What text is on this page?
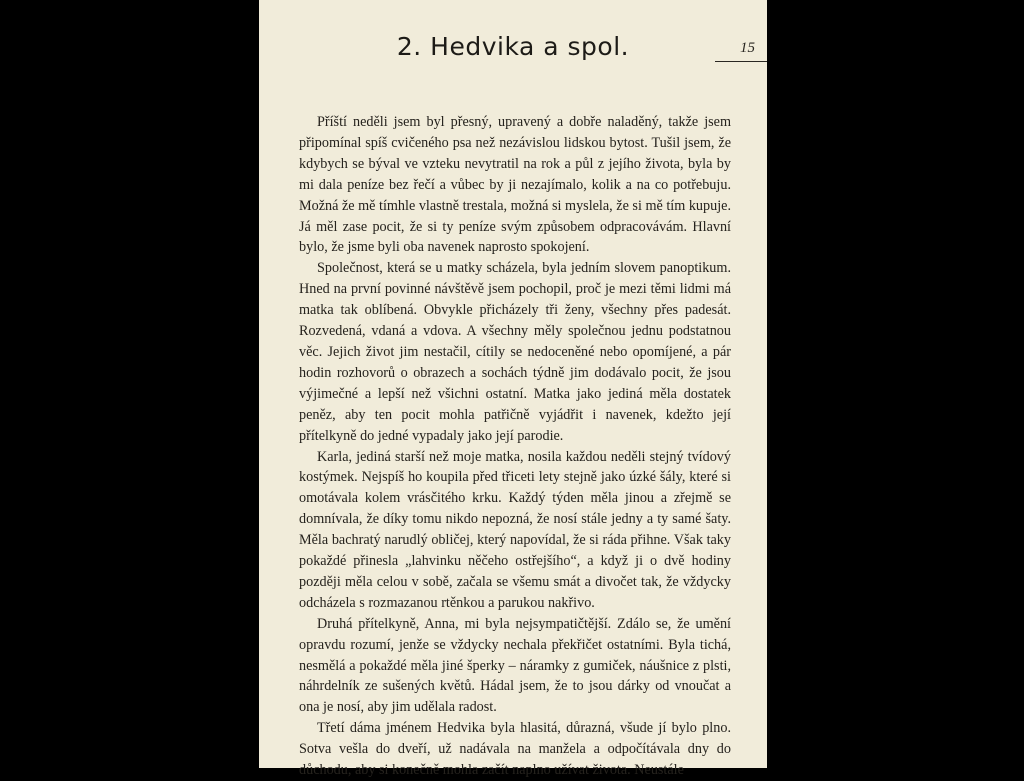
2. Hedvika a spol.	15

Příští neděli jsem byl přesný, upravený a dobře naladěný, takže jsem připomínal spíš cvičeného psa než nezávislou lidskou bytost. Tušil jsem, že kdybych se býval ve vzteku nevytratil na rok a půl z jejího života, byla by mi dala peníze bez řečí a vůbec by ji nezajímalo, kolik a na co potřebuju. Možná že mě tímhle vlastně trestala, možná si myslela, že si mě tím kupuje. Já měl zase pocit, že si ty peníze svým způsobem odpracovávám. Hlavní bylo, že jsme byli oba navenek naprosto spokojení.

Společnost, která se u matky scházela, byla jedním slovem panoptikum. Hned na první povinné návštěvě jsem pochopil, proč je mezi těmi lidmi má matka tak oblíbená. Obvykle přicházely tři ženy, všechny přes padesát. Rozvedená, vdaná a vdova. A všechny měly společnou jednu podstatnou věc. Jejich život jim nestačil, cítily se nedoceněné nebo opomíjené, a pár hodin rozhovorů o obrazech a sochách týdně jim dodávalo pocit, že jsou výjimečné a lepší než všichni ostatní. Matka jako jediná měla dostatek peněz, aby ten pocit mohla patřičně vyjádřit i navenek, kdežto její přítelkyně do jedné vypadaly jako její parodie.

Karla, jediná starší než moje matka, nosila každou neděli stejný tvídový kostýmek. Nejspíš ho koupila před třiceti lety stejně jako úzké šály, které si omotávala kolem vrásčitého krku. Každý týden měla jinou a zřejmě se domnívala, že díky tomu nikdo nepozná, že nosí stále jedny a ty samé šaty. Měla bachratý narudlý obličej, který napovídal, že si ráda přihne. Však taky pokaždé přinesla „lahvinku něčeho ostřejšího“, a když ji o dvě hodiny později měla celou v sobě, začala se všemu smát a divočet tak, že vždycky odcházela s rozmazanou rtěnkou a parukou nakřivo.

Druhá přítelkyně, Anna, mi byla nejsympatičtější. Zdálo se, že umění opravdu rozumí, jenže se vždycky nechala překřičet ostatními. Byla tichá, nesmělá a pokaždé měla jiné šperky – náramky z gumiček, náušnice z plsti, náhrdelník ze sušených květů. Hádal jsem, že to jsou dárky od vnoučat a ona je nosí, aby jim udělala radost.

Třetí dáma jménem Hedvika byla hlasitá, důrazná, všude jí bylo plno. Sotva vešla do dveří, už nadávala na manžela a odpočítávala dny do důchodu, aby si konečně mohla začít naplno užívat života. Neustále
